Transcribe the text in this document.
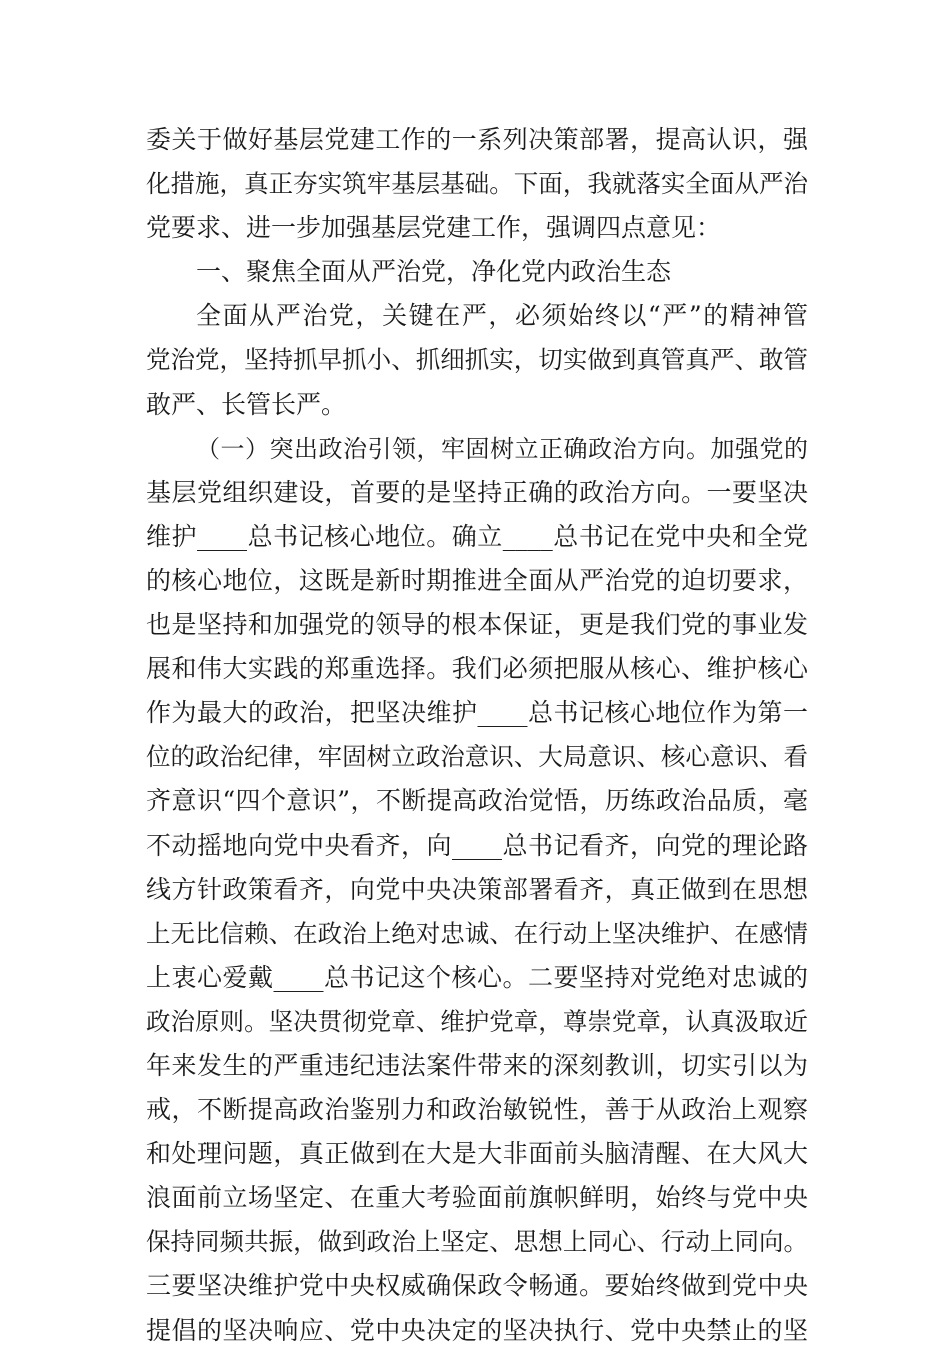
委关于做好基层党建工作的一系列决策部署，提高认识，强
化措施，真正夯实筑牢基层基础。下面，我就落实全面从严治
党要求、进一步加强基层党建工作，强调四点意见：
一、聚焦全面从严治党，净化党内政治生态
全面从严治党，关键在严，必须始终以“严”的精神管
党治党，坚持抓早抓小、抓细抓实，切实做到真管真严、敢管
敢严、长管长严。
（一）突出政治引领，牢固树立正确政治方向。加强党的
基层党组织建设，首要的是坚持正确的政治方向。一要坚决
维护____总书记核心地位。确立____总书记在党中央和全党
的核心地位，这既是新时期推进全面从严治党的迫切要求，
也是坚持和加强党的领导的根本保证，更是我们党的事业发
展和伟大实践的郑重选择。我们必须把服从核心、维护核心
作为最大的政治，把坚决维护____总书记核心地位作为第一
位的政治纪律，牢固树立政治意识、大局意识、核心意识、看
齐意识“四个意识”，不断提高政治觉悟，历练政治品质，毫
不动摇地向党中央看齐，向____总书记看齐，向党的理论路
线方针政策看齐，向党中央决策部署看齐，真正做到在思想
上无比信赖、在政治上绝对忠诚、在行动上坚决维护、在感情
上衷心爱戴____总书记这个核心。二要坚持对党绝对忠诚的
政治原则。坚决贯彻党章、维护党章，尊崇党章，认真汲取近
年来发生的严重违纪违法案件带来的深刻教训，切实引以为
戒，不断提高政治鉴别力和政治敏锐性，善于从政治上观察
和处理问题，真正做到在大是大非面前头脑清醒、在大风大
浪面前立场坚定、在重大考验面前旗帜鲜明，始终与党中央
保持同频共振，做到政治上坚定、思想上同心、行动上同向。
三要坚决维护党中央权威确保政令畅通。要始终做到党中央
提倡的坚决响应、党中央决定的坚决执行、党中央禁止的坚
